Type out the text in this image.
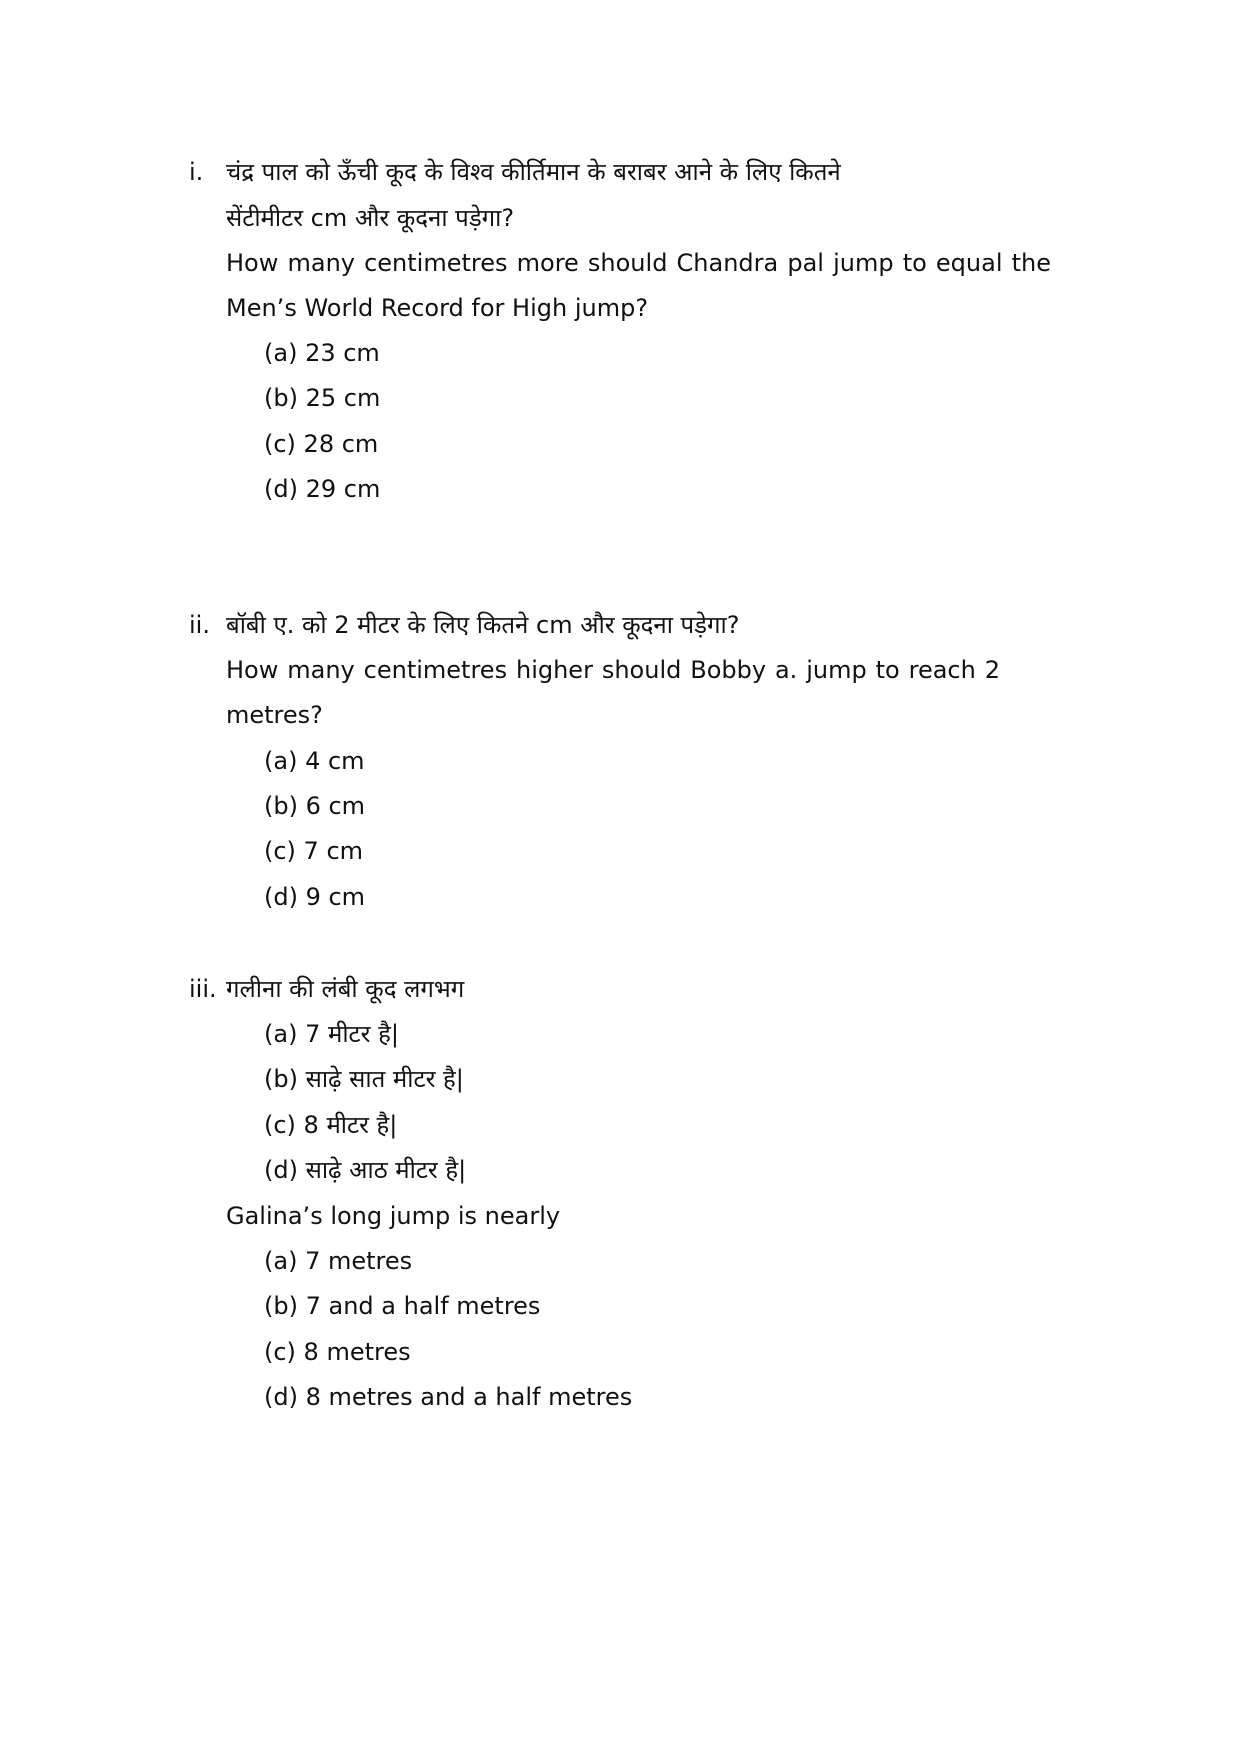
i. चंद्र पाल को ऊँची कूद के विश्व कीर्तिमान के बराबर आने के लिए कितने
सेंटीमीटर cm और कूदना पड़ेगा?
How many centimetres more should Chandra pal jump to equal the
Men’s World Record for High jump?
(a) 23 cm
(b) 25 cm
(c) 28 cm
(d) 29 cm
ii. बॉबी ए. को 2 मीटर के लिए कितने cm और कूदना पड़ेगा?
How many centimetres higher should Bobby a. jump to reach 2
metres?
(a) 4 cm
(b) 6 cm
(c) 7 cm
(d) 9 cm
iii. गलीना की लंबी कूद लगभग
(a) 7 मीटर है|
(b) साढ़े सात मीटर है|
(c) 8 मीटर है|
(d) साढ़े आठ मीटर है|
Galina’s long jump is nearly
(a) 7 metres
(b) 7 and a half metres
(c) 8 metres
(d) 8 metres and a half metres
